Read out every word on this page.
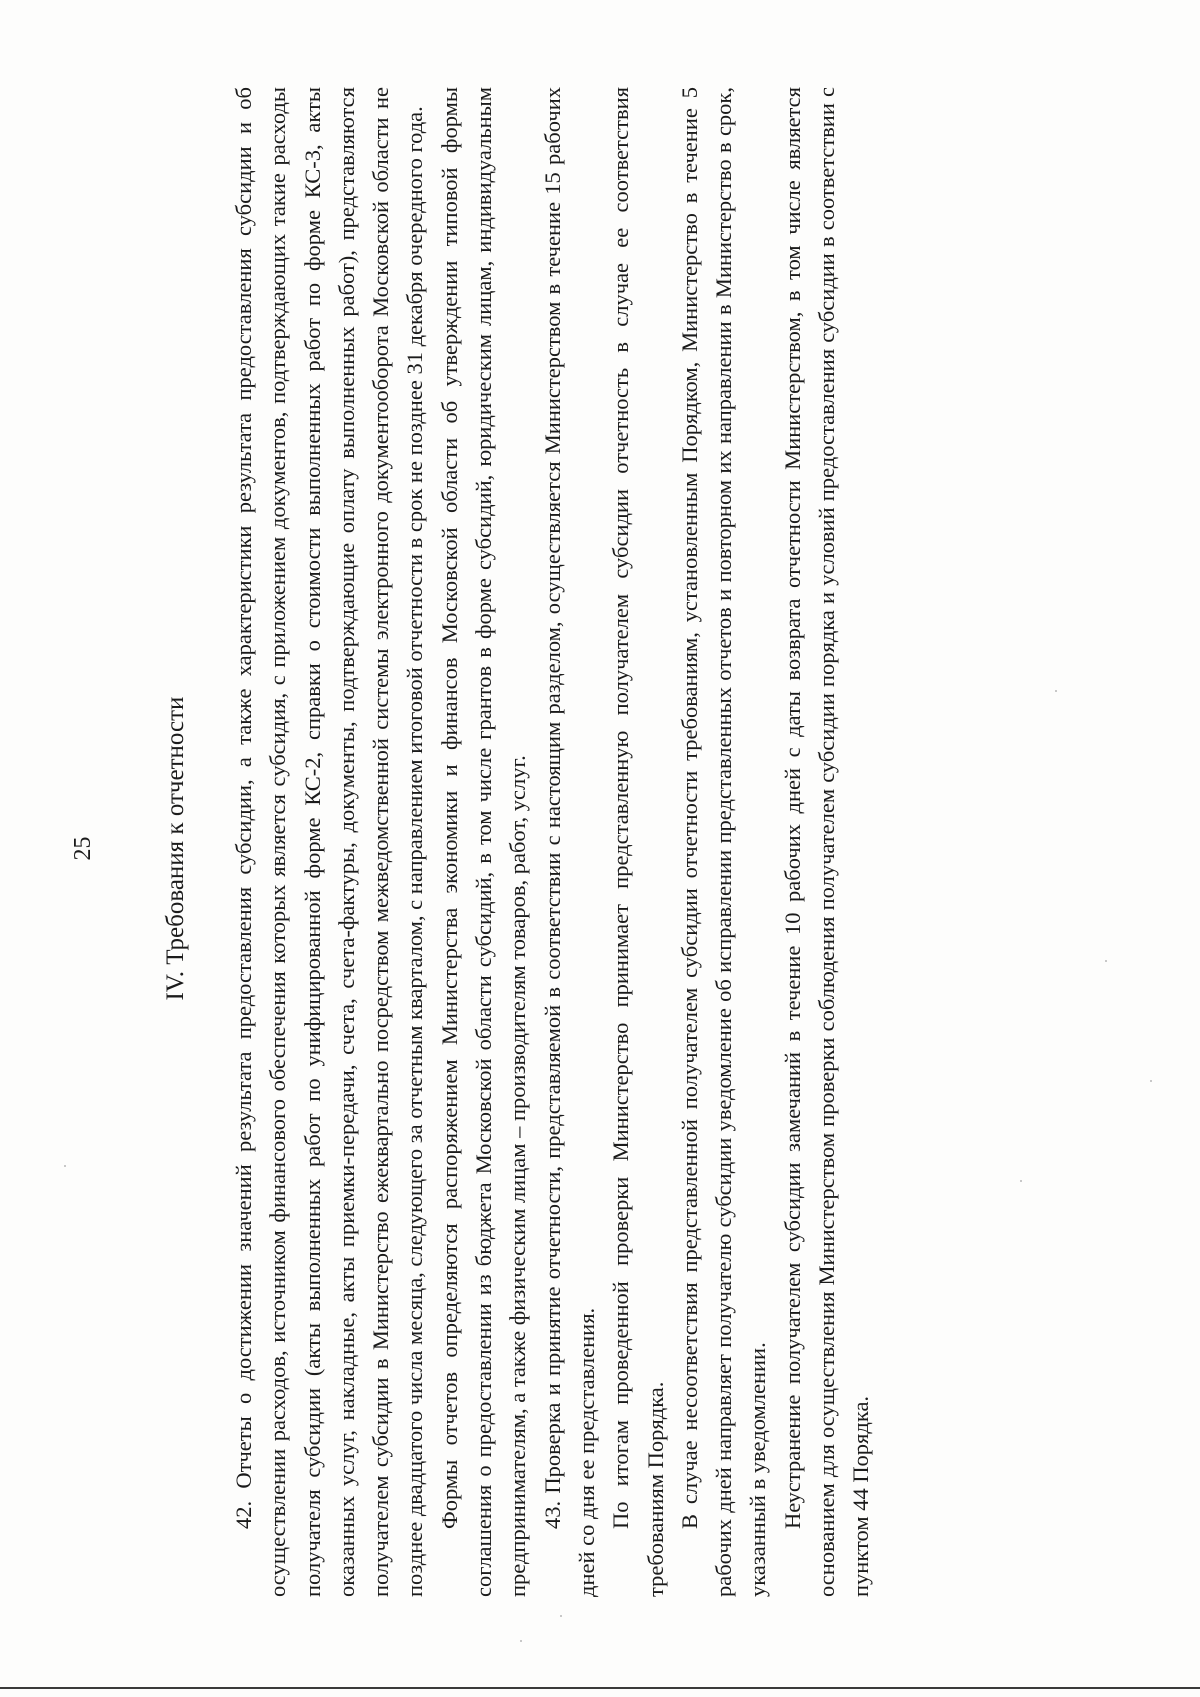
25	IV. Требования к отчетности 42. Отчеты о достижении значений результата предоставления субсидии, а также характеристики результата предоставления субсидии и об осуществлении расходов, источником финансового обеспечения которых является субсидия, с приложением документов, подтверждающих такие расходы получателя субсидии (акты выполненных работ по унифицированной форме КС-2, справки о стоимости выполненных работ по форме КС-3, акты оказанных услуг, накладные, акты приемки-передачи, счета, счета-фактуры, документы, подтверждающие оплату выполненных работ), представляются получателем субсидии в Министерство ежеквартально посредством межведомственной системы электронного документооборота Московской области не позднее двадцатого числа месяца, следующего за отчетным кварталом, с направлением итоговой отчетности в срок не позднее 31 декабря очередного года. Формы отчетов определяются распоряжением Министерства экономики и финансов Московской области об утверждении типовой формы соглашения о предоставлении из бюджета Московской области субсидий, в том числе грантов в форме субсидий, юридическим лицам, индивидуальным предпринимателям, а также физическим лицам – производителям товаров, работ, услуг. 43. Проверка и принятие отчетности, представляемой в соответствии с настоящим разделом, осуществляется Министерством в течение 15 рабочих дней со дня ее представления. По итогам проведенной проверки Министерство принимает представленную получателем субсидии отчетность в случае ее соответствия требованиям Порядка. В случае несоответствия представленной получателем субсидии отчетности требованиям, установленным Порядком, Министерство в течение 5 рабочих дней направляет получателю субсидии уведомление об исправлении представленных отчетов и повторном их направлении в Министерство в срок, указанный в уведомлении. Неустранение получателем субсидии замечаний в течение 10 рабочих дней с даты возврата отчетности Министерством, в том числе является основанием для осуществления Министерством проверки соблюдения получателем субсидии порядка и условий предоставления субсидии в соответствии с пунктом 44 Порядка.
